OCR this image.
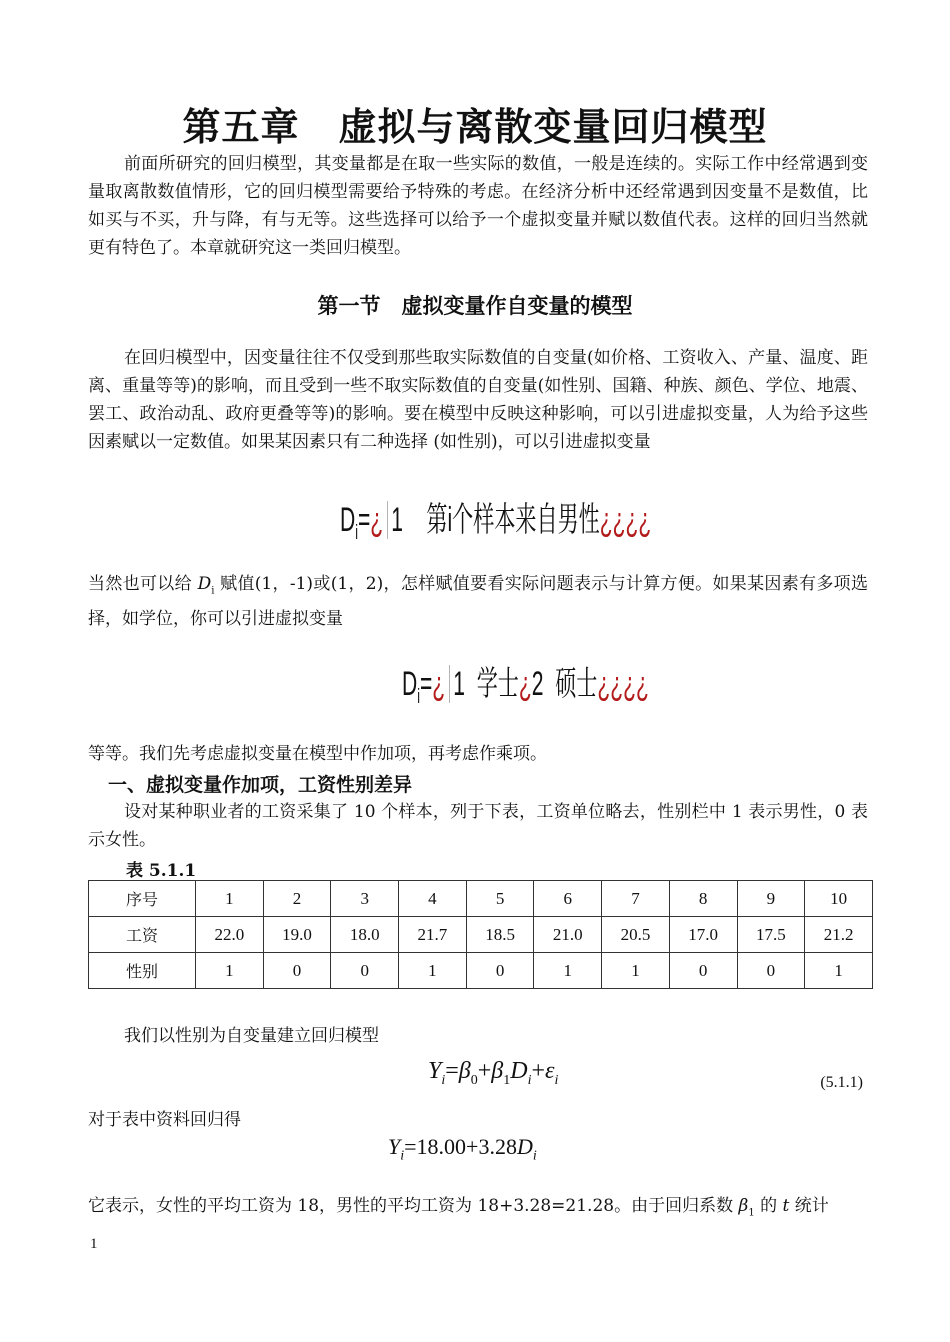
第五章　虚拟与离散变量回归模型
前面所研究的回归模型，其变量都是在取一些实际的数值，一般是连续的。实际工作中经常遇到变量取离散数值情形，它的回归模型需要给予特殊的考虑。在经济分析中还经常遇到因变量不是数值，比如买与不买，升与降，有与无等。这些选择可以给予一个虚拟变量并赋以数值代表。这样的回归当然就更有特色了。本章就研究这一类回归模型。
第一节　虚拟变量作自变量的模型
在回归模型中，因变量往往不仅受到那些取实际数值的自变量(如价格、工资收入、产量、温度、距离、重量等等)的影响，而且受到一些不取实际数值的自变量(如性别、国籍、种族、颜色、学位、地震、罢工、政治动乱、政府更叠等等)的影响。要在模型中反映这种影响，可以引进虚拟变量，人为给予这些因素赋以一定数值。如果某因素只有二种选择 (如性别)，可以引进虚拟变量
$D_i=¿$ 1 第i个样本来自男性¿¿¿¿
当然也可以给 $D_i$ 赋值(1，-1)或(1，2)，怎样赋值要看实际问题表示与计算方便。如果某因素有多项选择，如学位，你可以引进虚拟变量
$D_i=¿$ 1 学士¿2 硕士¿¿¿¿
等等。我们先考虑虚拟变量在模型中作加项，再考虑作乘项。
一、虚拟变量作加项，工资性别差异
设对某种职业者的工资采集了 10 个样本，列于下表，工资单位略去，性别栏中 1 表示男性，0 表示女性。
表 5.1.1
序号	1	2	3	4	5	6	7	8	9	10
工资	22.0	19.0	18.0	21.7	18.5	21.0	20.5	17.0	17.5	21.2
性别	1	0	0	1	0	1	1	0	0	1
我们以性别为自变量建立回归模型
$Y_i=\beta_0+\beta_1D_i+\varepsilon_i$	(5.1.1)
对于表中资料回归得
$Y_i=18.00+3.28D_i$
它表示，女性的平均工资为 18，男性的平均工资为 18+3.28=21.28。由于回归系数 $\beta_1$ 的 t 统计
1
